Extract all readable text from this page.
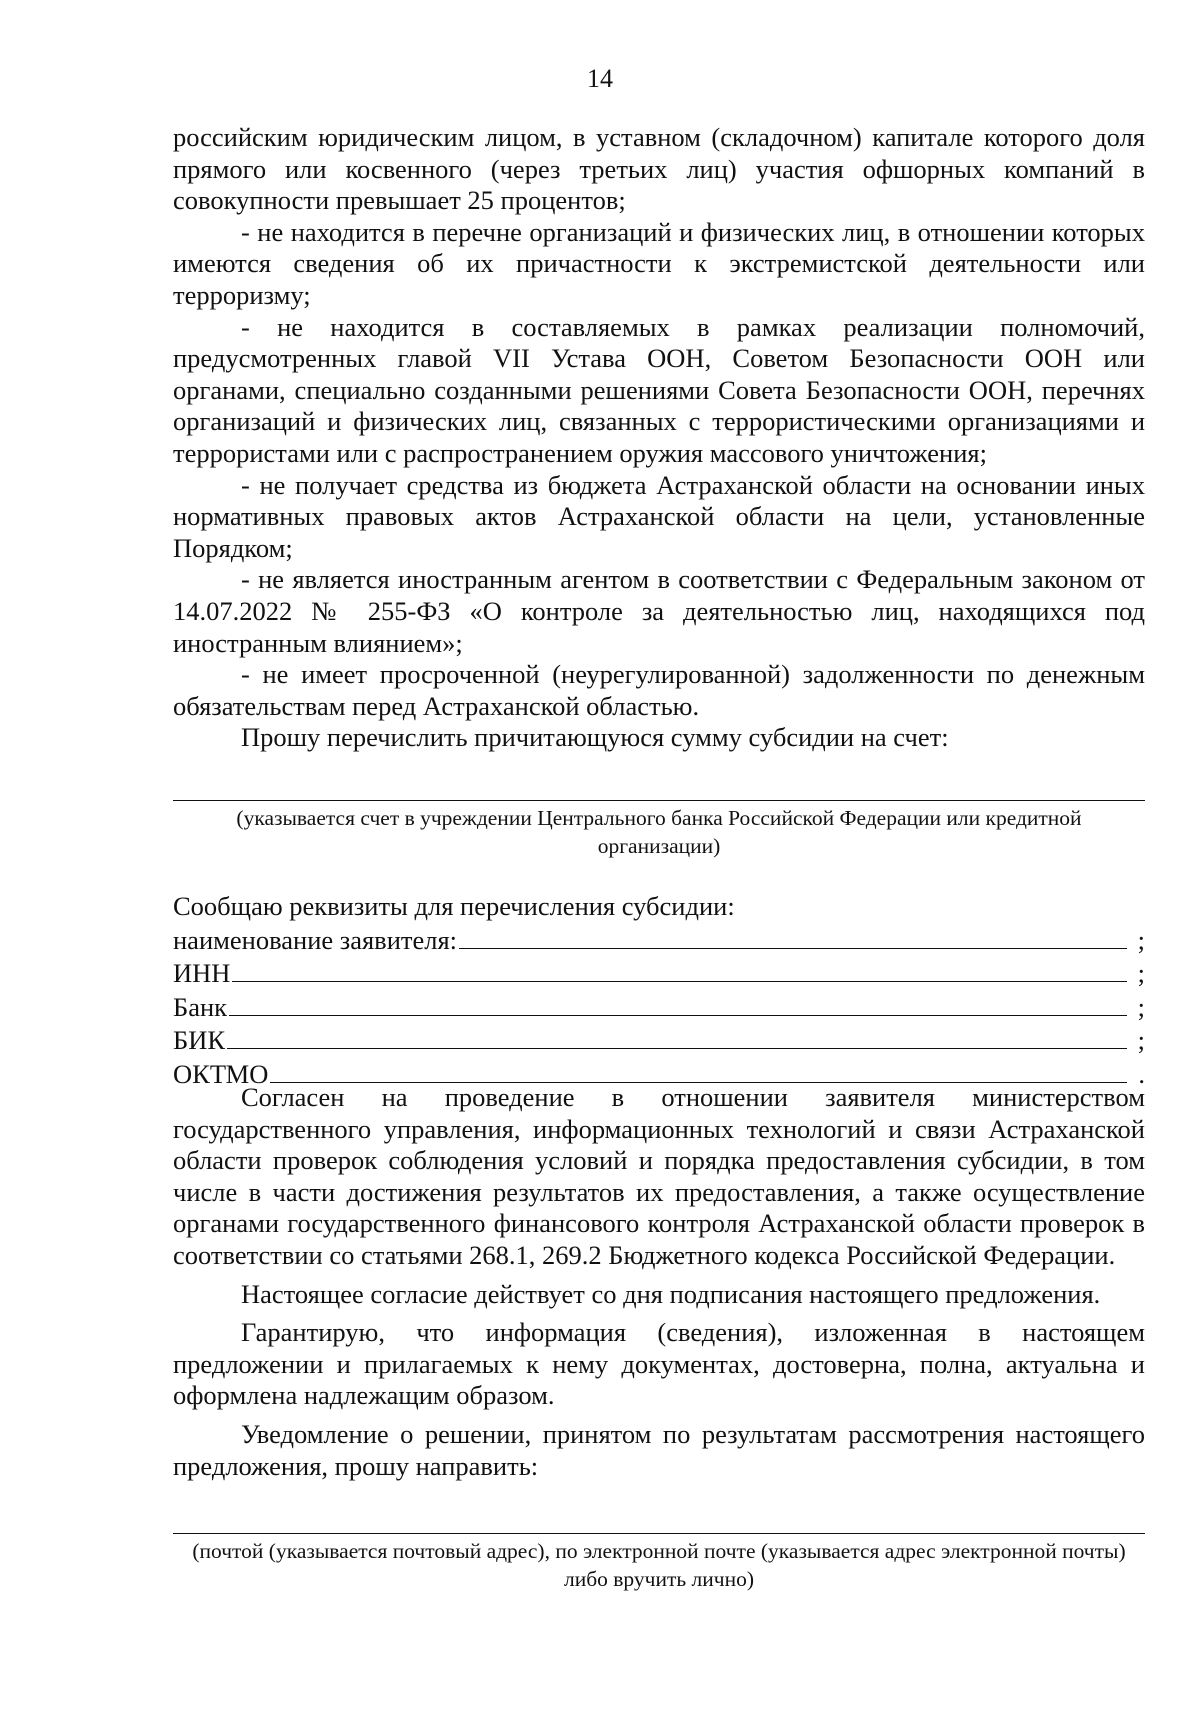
14

российским юридическим лицом, в уставном (складочном) капитале которого доля прямого или косвенного (через третьих лиц) участия офшорных компаний в совокупности превышает 25 процентов;

- не находится в перечне организаций и физических лиц, в отношении которых имеются сведения об их причастности к экстремистской деятельности или терроризму;

- не находится в составляемых в рамках реализации полномочий, предусмотренных главой VII Устава ООН, Советом Безопасности ООН или органами, специально созданными решениями Совета Безопасности ООН, перечнях организаций и физических лиц, связанных с террористическими организациями и террористами или с распространением оружия массового уничтожения;

- не получает средства из бюджета Астраханской области на основании иных нормативных правовых актов Астраханской области на цели, установленные Порядком;

- не является иностранным агентом в соответствии с Федеральным законом от 14.07.2022 № 255-ФЗ «О контроле за деятельностью лиц, находящихся под иностранным влиянием»;

- не имеет просроченной (неурегулированной) задолженности по денежным обязательствам перед Астраханской областью.

Прошу перечислить причитающуюся сумму субсидии на счет:

(указывается счет в учреждении Центрального банка Российской Федерации или кредитной организации)

Сообщаю реквизиты для перечисления субсидии:

наименование заявителя:	;
ИНН	;
Банк	;
БИК	;
ОКТМО	.

Согласен на проведение в отношении заявителя министерством государственного управления, информационных технологий и связи Астраханской области проверок соблюдения условий и порядка предоставления субсидии, в том числе в части достижения результатов их предоставления, а также осуществление органами государственного финансового контроля Астраханской области проверок в соответствии со статьями 268.1, 269.2 Бюджетного кодекса Российской Федерации.

Настоящее согласие действует со дня подписания настоящего предложения.

Гарантирую, что информация (сведения), изложенная в настоящем предложении и прилагаемых к нему документах, достоверна, полна, актуальна и оформлена надлежащим образом.

Уведомление о решении, принятом по результатам рассмотрения настоящего предложения, прошу направить:

(почтой (указывается почтовый адрес), по электронной почте (указывается адрес электронной почты) либо вручить лично)
